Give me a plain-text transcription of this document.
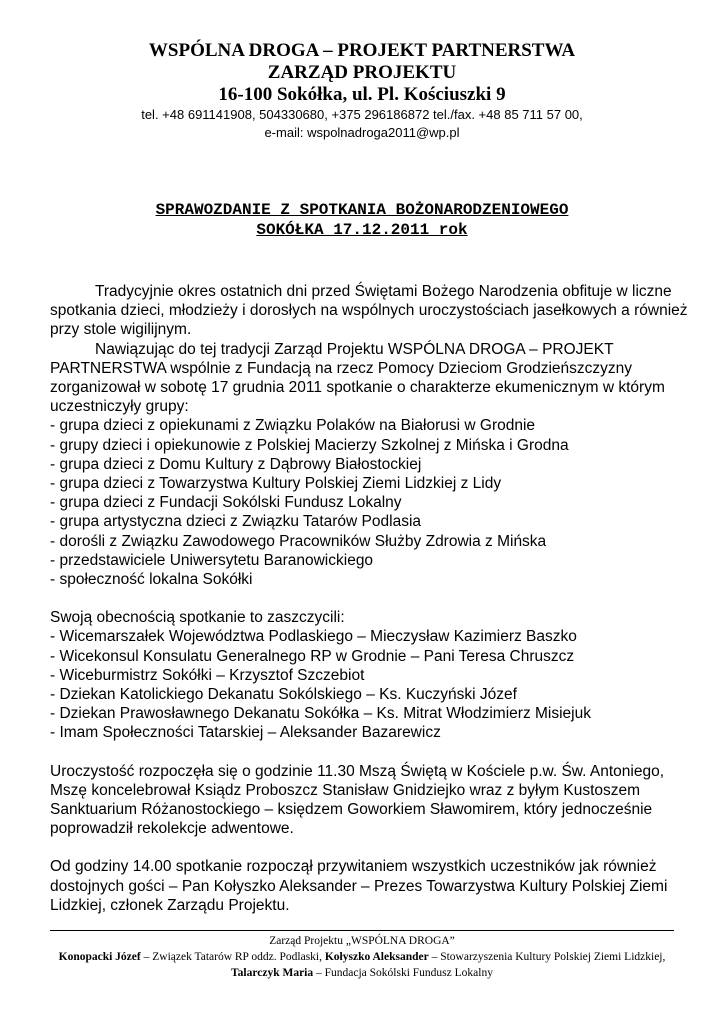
WSPÓLNA DROGA – PROJEKT PARTNERSTWA

ZARZĄD PROJEKTU

16-100 Sokółka, ul. Pl. Kościuszki 9

tel. +48 691141908, 504330680, +375 296186872 tel./fax. +48 85 711 57 00,

e-mail: wspolnadroga2011@wp.pl

SPRAWOZDANIE Z SPOTKANIA BOŻONARODZENIOWEGO
SOKÓŁKA 17.12.2011 rok

Tradycyjnie okres ostatnich dni przed Świętami Bożego Narodzenia obfituje w liczne spotkania dzieci, młodzieży i dorosłych na wspólnych uroczystościach jasełkowych a również przy stole wigilijnym.

Nawiązując do tej tradycji Zarząd Projektu WSPÓLNA DROGA – PROJEKT PARTNERSTWA wspólnie z Fundacją na rzecz Pomocy Dzieciom Grodzieńszczyzny zorganizował w sobotę 17 grudnia 2011 spotkanie o charakterze ekumenicznym w którym uczestniczyły grupy:

- grupa dzieci z opiekunami z Związku Polaków na Białorusi w Grodnie
- grupy dzieci i opiekunowie z Polskiej Macierzy Szkolnej z Mińska i Grodna
- grupa dzieci z Domu Kultury z Dąbrowy Białostockiej
- grupa dzieci z Towarzystwa Kultury Polskiej Ziemi Lidzkiej z Lidy
- grupa dzieci z Fundacji Sokólski Fundusz Lokalny
- grupa artystyczna dzieci z Związku Tatarów Podlasia
- dorośli z Związku Zawodowego Pracowników Służby Zdrowia z Mińska
- przedstawiciele Uniwersytetu Baranowickiego
- społeczność lokalna Sokółki

Swoją obecnością spotkanie to zaszczycili:

- Wicemarszałek Województwa Podlaskiego – Mieczysław Kazimierz Baszko
- Wicekonsul Konsulatu Generalnego RP w Grodnie – Pani Teresa Chruszcz
- Wiceburmistrz Sokółki – Krzysztof Szczebiot
- Dziekan Katolickiego Dekanatu Sokólskiego – Ks. Kuczyński Józef
- Dziekan Prawosławnego Dekanatu Sokółka – Ks. Mitrat Włodzimierz Misiejuk
- Imam Społeczności Tatarskiej – Aleksander Bazarewicz

Uroczystość rozpoczęła się o godzinie 11.30 Mszą Świętą w Kościele p.w. Św. Antoniego, Mszę koncelebrował Ksiądz Proboszcz Stanisław Gnidziejko wraz z byłym Kustoszem Sanktuarium Różanostockiego – księdzem Goworkiem Sławomirem, który jednocześnie poprowadził rekolekcje adwentowe.

Od godziny 14.00 spotkanie rozpoczął przywitaniem wszystkich uczestników jak również dostojnych gości – Pan Kołyszko Aleksander – Prezes Towarzystwa Kultury Polskiej Ziemi Lidzkiej, członek Zarządu Projektu.

Zarząd Projektu „WSPÓLNA DROGA”
Konopacki Józef – Związek Tatarów RP oddz. Podlaski, Kołyszko Aleksander – Stowarzyszenia Kultury Polskiej Ziemi Lidzkiej, Talarczyk Maria – Fundacja Sokólski Fundusz Lokalny
